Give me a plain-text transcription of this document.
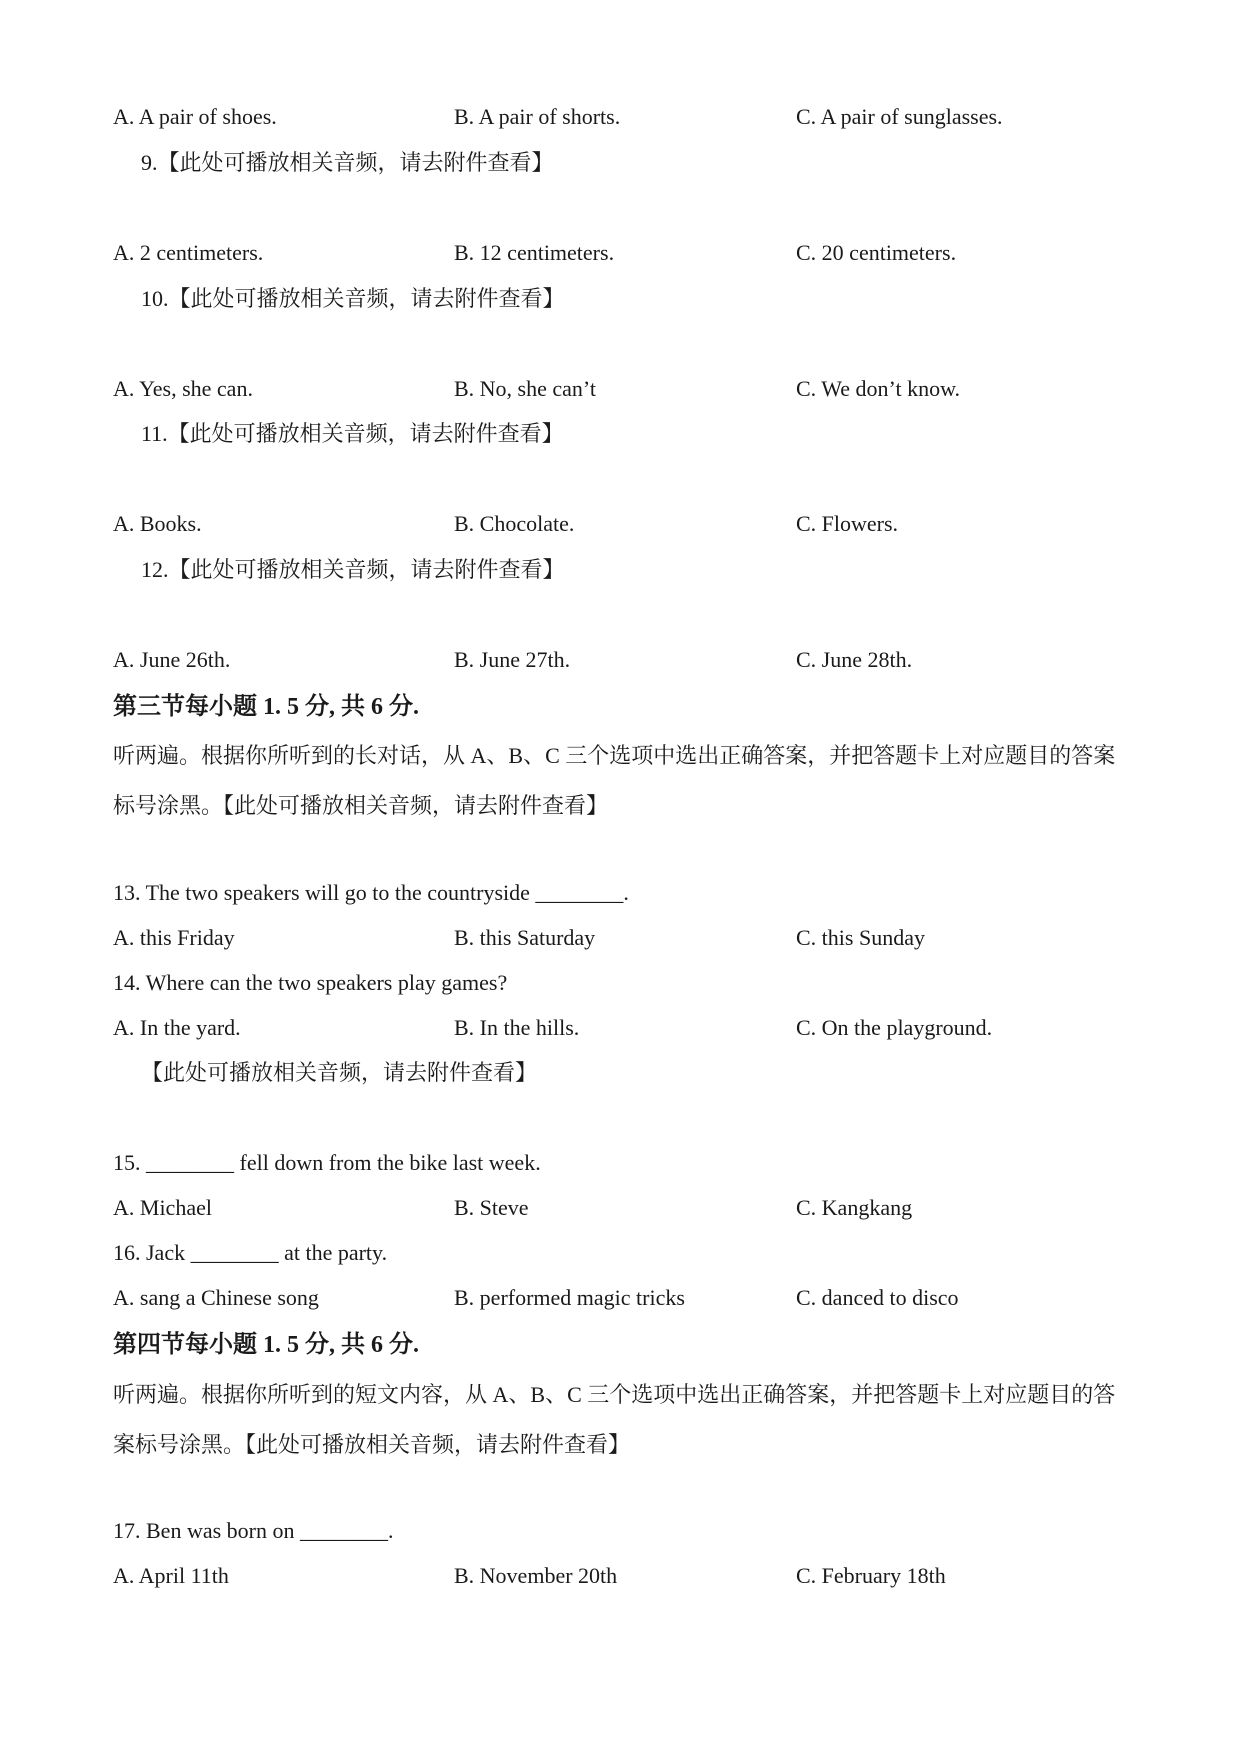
A. A pair of shoes.	B. A pair of shorts.	C. A pair of sunglasses.
9.【此处可播放相关音频，请去附件查看】
A. 2 centimeters.	B. 12 centimeters.	C. 20 centimeters.
10.【此处可播放相关音频，请去附件查看】
A. Yes, she can.	B. No, she can’t	C. We don’t know.
11.【此处可播放相关音频，请去附件查看】
A. Books.	B. Chocolate.	C. Flowers.
12.【此处可播放相关音频，请去附件查看】
A. June 26th.	B. June 27th.	C. June 28th.
第三节每小题 1. 5 分, 共 6 分.
听两遍。根据你所听到的长对话，从 A、B、C 三个选项中选出正确答案，并把答题卡上对应题目的答案
标号涂黑。【此处可播放相关音频，请去附件查看】
13. The two speakers will go to the countryside ________.
A. this Friday	B. this Saturday	C. this Sunday
14. Where can the two speakers play games?
A. In the yard.	B. In the hills.	C. On the playground.
【此处可播放相关音频，请去附件查看】
15. ________ fell down from the bike last week.
A. Michael	B. Steve	C. Kangkang
16. Jack ________ at the party.
A. sang a Chinese song	B. performed magic tricks	C. danced to disco
第四节每小题 1. 5 分, 共 6 分.
听两遍。根据你所听到的短文内容，从 A、B、C 三个选项中选出正确答案，并把答题卡上对应题目的答
案标号涂黑。【此处可播放相关音频，请去附件查看】
17. Ben was born on ________.
A. April 11th	B. November 20th	C. February 18th
